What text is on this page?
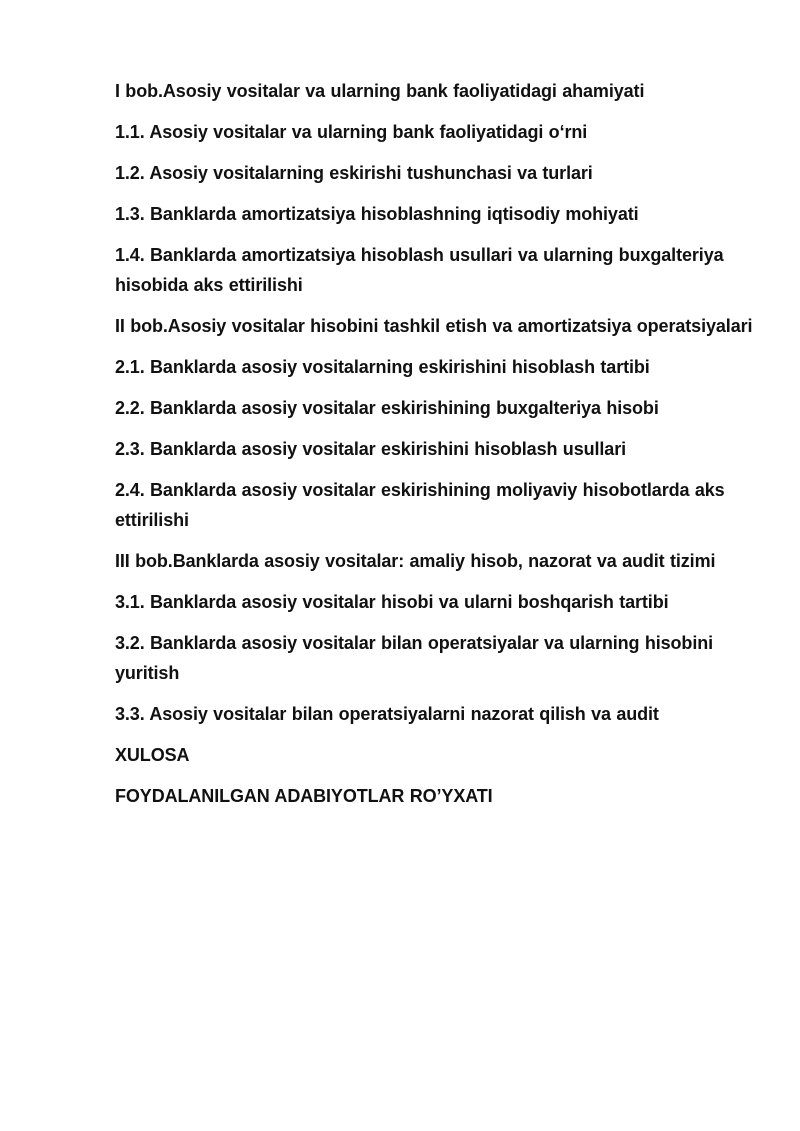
I bob.Asosiy vositalar va ularning bank faoliyatidagi ahamiyati
1.1. Asosiy vositalar va ularning bank faoliyatidagi o‘rni
1.2. Asosiy vositalarning eskirishi tushunchasi va turlari
1.3. Banklarda amortizatsiya hisoblashning iqtisodiy mohiyati
1.4. Banklarda amortizatsiya hisoblash usullari va ularning buxgalteriya hisobida aks ettirilishi
II bob.Asosiy vositalar hisobini tashkil etish va amortizatsiya operatsiyalari
2.1. Banklarda asosiy vositalarning eskirishini hisoblash tartibi
2.2. Banklarda asosiy vositalar eskirishining buxgalteriya hisobi
2.3. Banklarda asosiy vositalar eskirishini hisoblash usullari
2.4. Banklarda asosiy vositalar eskirishining moliyaviy hisobotlarda aks ettirilishi
III bob.Banklarda asosiy vositalar: amaliy hisob, nazorat va audit tizimi
3.1. Banklarda asosiy vositalar hisobi va ularni boshqarish tartibi
3.2. Banklarda asosiy vositalar bilan operatsiyalar va ularning hisobini yuritish
3.3. Asosiy vositalar bilan operatsiyalarni nazorat qilish va audit
XULOSA
FOYDALANILGAN ADABIYOTLAR RO’YXATI
